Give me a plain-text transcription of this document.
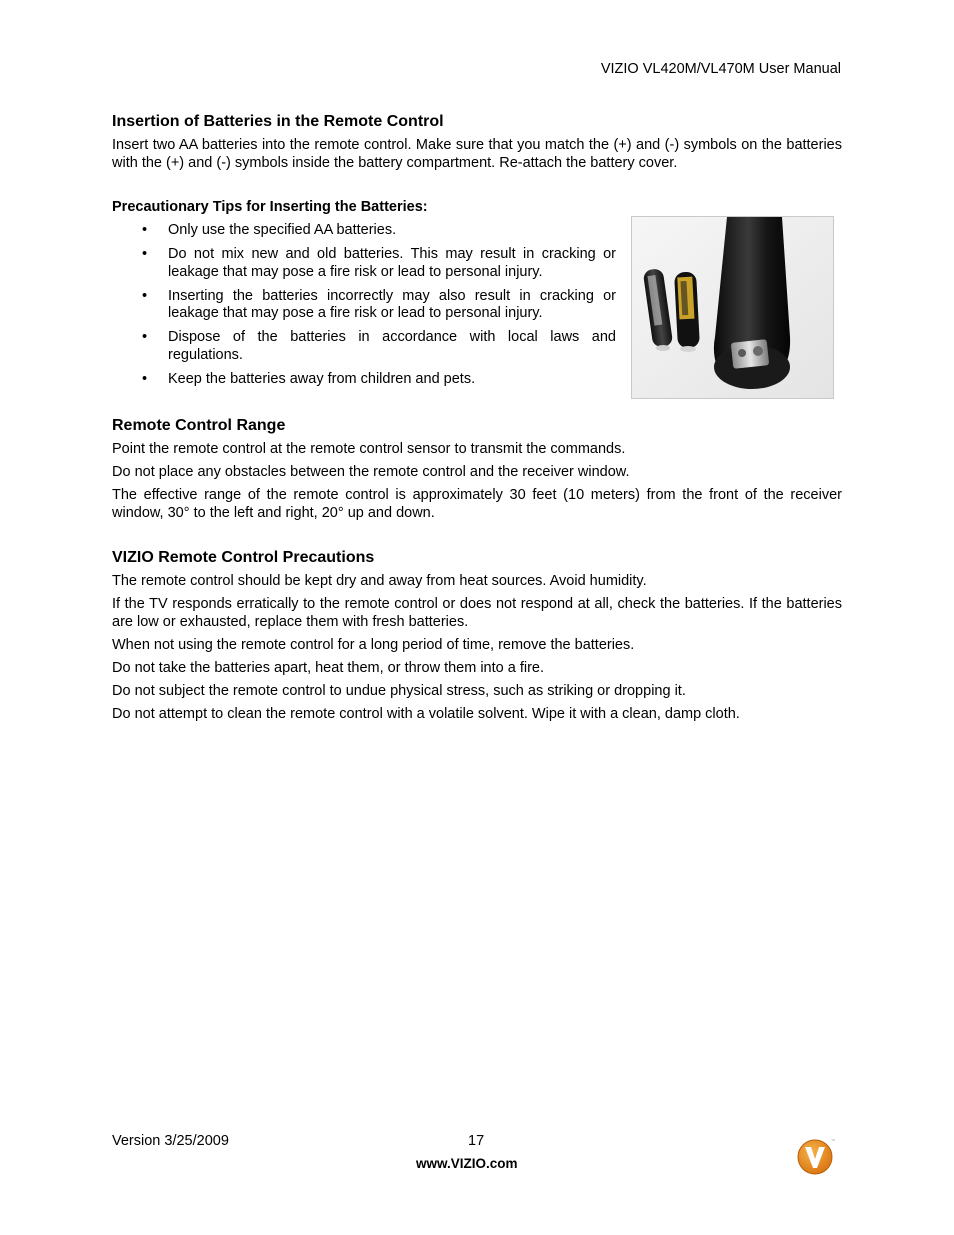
VIZIO VL420M/VL470M User Manual
Insertion of Batteries in the Remote Control

Insert two AA batteries into the remote control. Make sure that you match the (+) and (-) symbols on the batteries with the (+) and (-) symbols inside the battery compartment. Re-attach the battery cover.

Precautionary Tips for Inserting the Batteries:
• Only use the specified AA batteries.
• Do not mix new and old batteries. This may result in cracking or leakage that may pose a fire risk or lead to personal injury.
• Inserting the batteries incorrectly may also result in cracking or leakage that may pose a fire risk or lead to personal injury.
• Dispose of the batteries in accordance with local laws and regulations.
• Keep the batteries away from children and pets.
Remote Control Range

Point the remote control at the remote control sensor to transmit the commands.

Do not place any obstacles between the remote control and the receiver window.

The effective range of the remote control is approximately 30 feet (10 meters) from the front of the receiver window, 30° to the left and right, 20° up and down.

VIZIO Remote Control Precautions

The remote control should be kept dry and away from heat sources. Avoid humidity.

If the TV responds erratically to the remote control or does not respond at all, check the batteries. If the batteries are low or exhausted, replace them with fresh batteries.

When not using the remote control for a long period of time, remove the batteries.

Do not take the batteries apart, heat them, or throw them into a fire.

Do not subject the remote control to undue physical stress, such as striking or dropping it.

Do not attempt to clean the remote control with a volatile solvent. Wipe it with a clean, damp cloth.

Version 3/25/2009	17
www.VIZIO.com
™
